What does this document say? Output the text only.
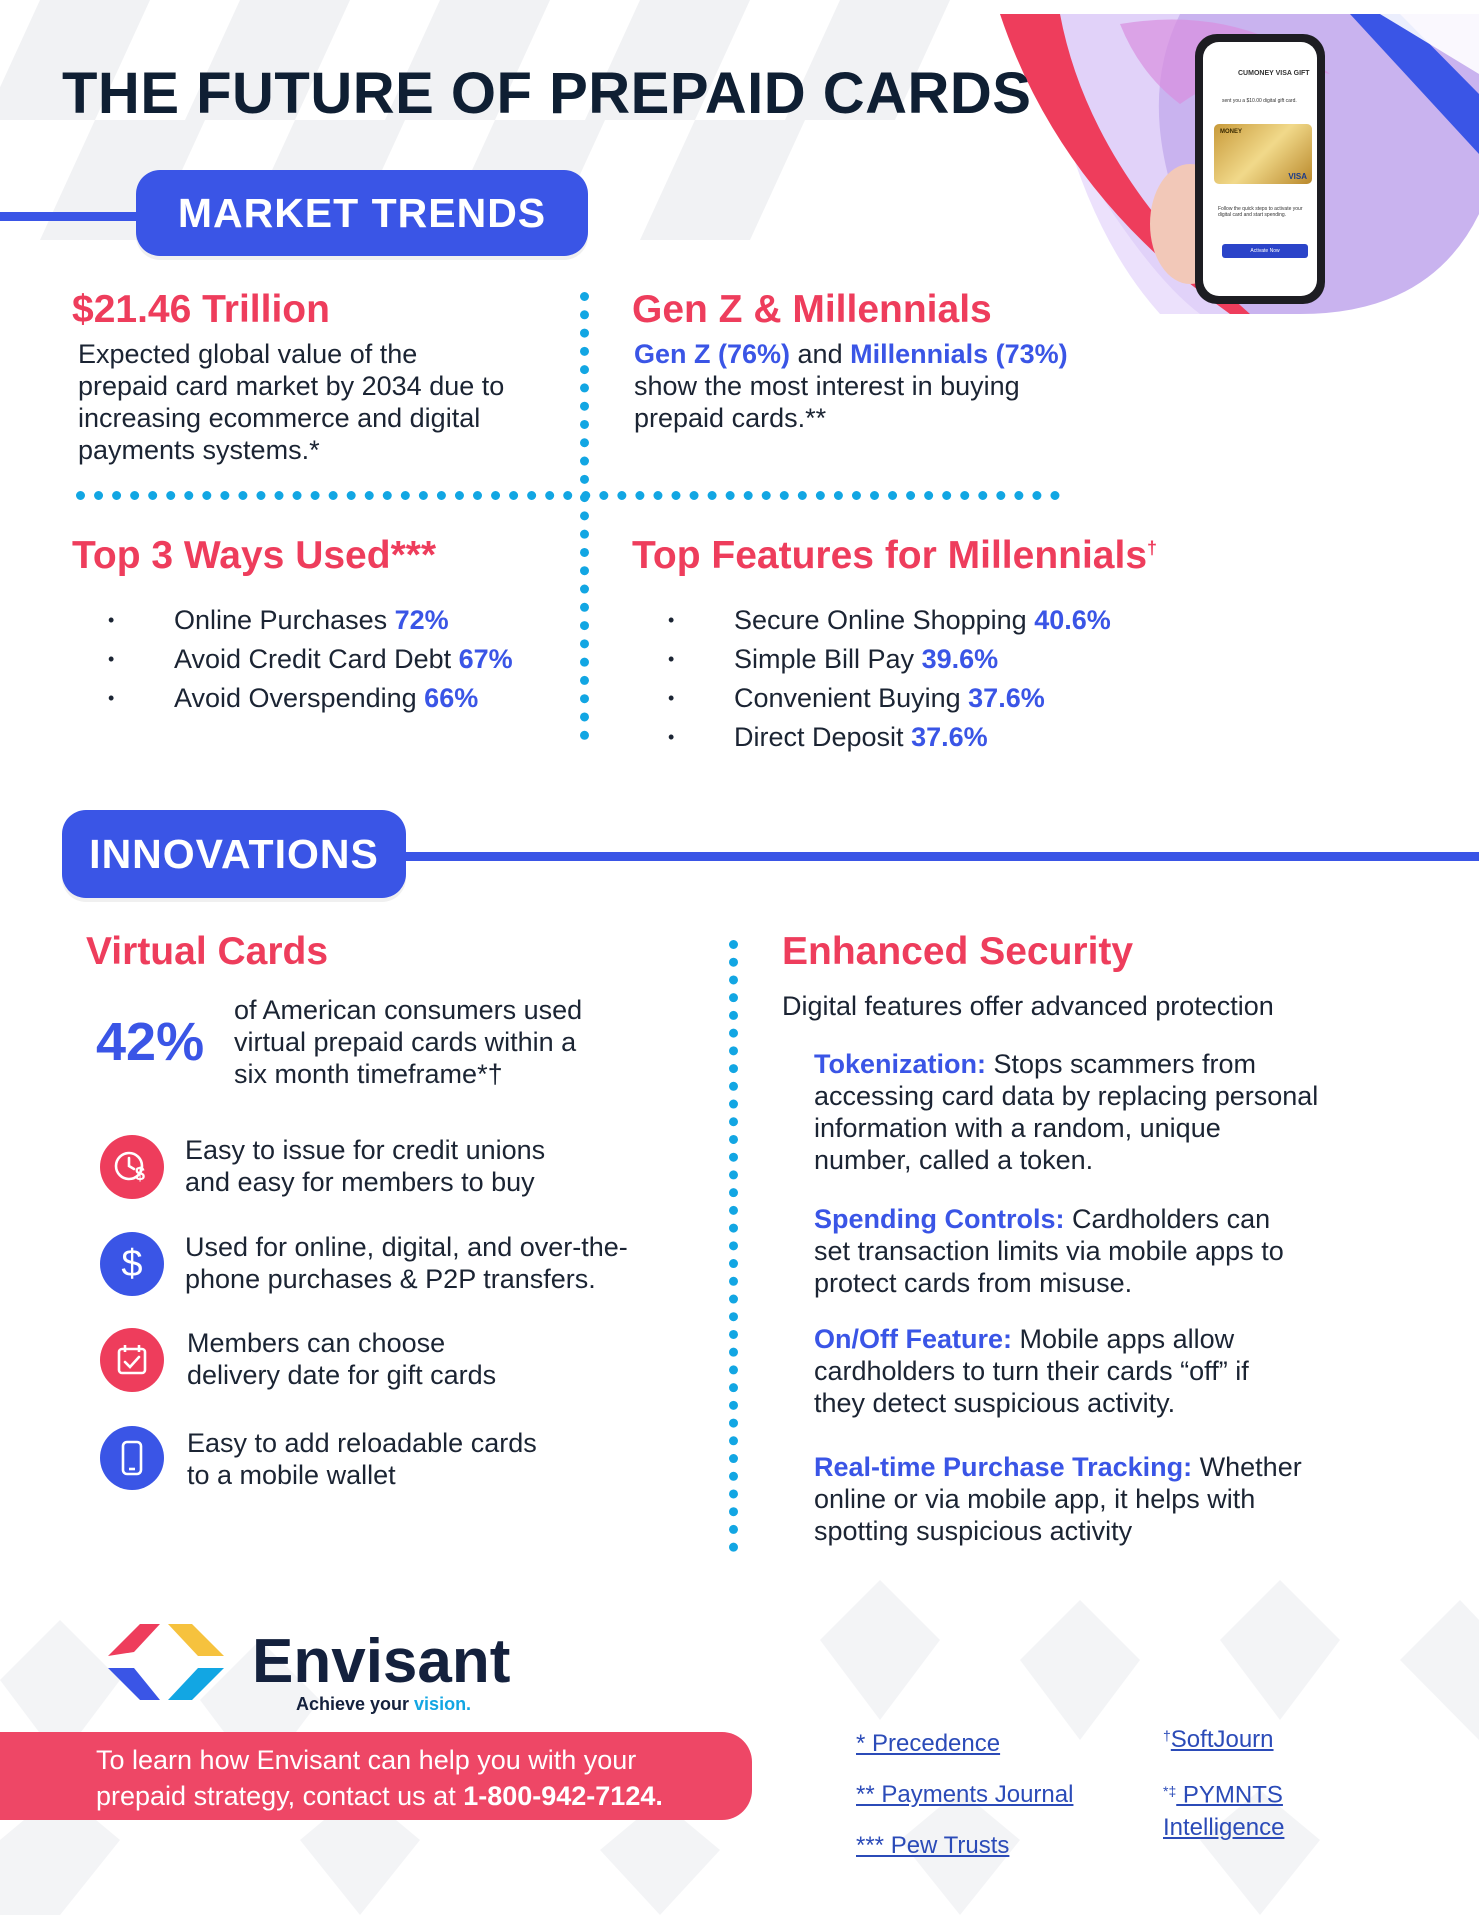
CUMONEY VISA GIFT
sent you a $10.00 digital gift card.
MONEY
VISA
Follow the quick steps to activate your digital card and start spending.
Activate Now
THE FUTURE OF PREPAID CARDS
MARKET TRENDS
$21.46 Trillion
Expected global value of the
prepaid card market by 2034 due to
increasing ecommerce and digital
payments systems.*
Gen Z & Millennials
Gen Z (76%) and Millennials (73%)
show the most interest in buying
prepaid cards.**
Top 3 Ways Used***
• Online Purchases 72%
• Avoid Credit Card Debt 67%
• Avoid Overspending 66%
Top Features for Millennials†
• Secure Online Shopping 40.6%
• Simple Bill Pay 39.6%
• Convenient Buying 37.6%
• Direct Deposit 37.6%
INNOVATIONS
Virtual Cards
42%
of American consumers used
virtual prepaid cards within a
six month timeframe*†
$
Easy to issue for credit unions
and easy for members to buy
$ Used for online, digital, and over-the-
phone purchases & P2P transfers.
Members can choose
delivery date for gift cards
Easy to add reloadable cards
to a mobile wallet
Enhanced Security
Digital features offer advanced protection
Tokenization: Stops scammers from
accessing card data by replacing personal
information with a random, unique
number, called a token.
Spending Controls: Cardholders can
set transaction limits via mobile apps to
protect cards from misuse.
On/Off Feature: Mobile apps allow
cardholders to turn their cards “off” if
they detect suspicious activity.
Real-time Purchase Tracking: Whether
online or via mobile app, it helps with
spotting suspicious activity
Envisant
Achieve your vision.
To learn how Envisant can help you with your
prepaid strategy, contact us at 1-800-942-7124.
* Precedence
** Payments Journal
*** Pew Trusts
†SoftJourn
*‡ PYMNTS
Intelligence
